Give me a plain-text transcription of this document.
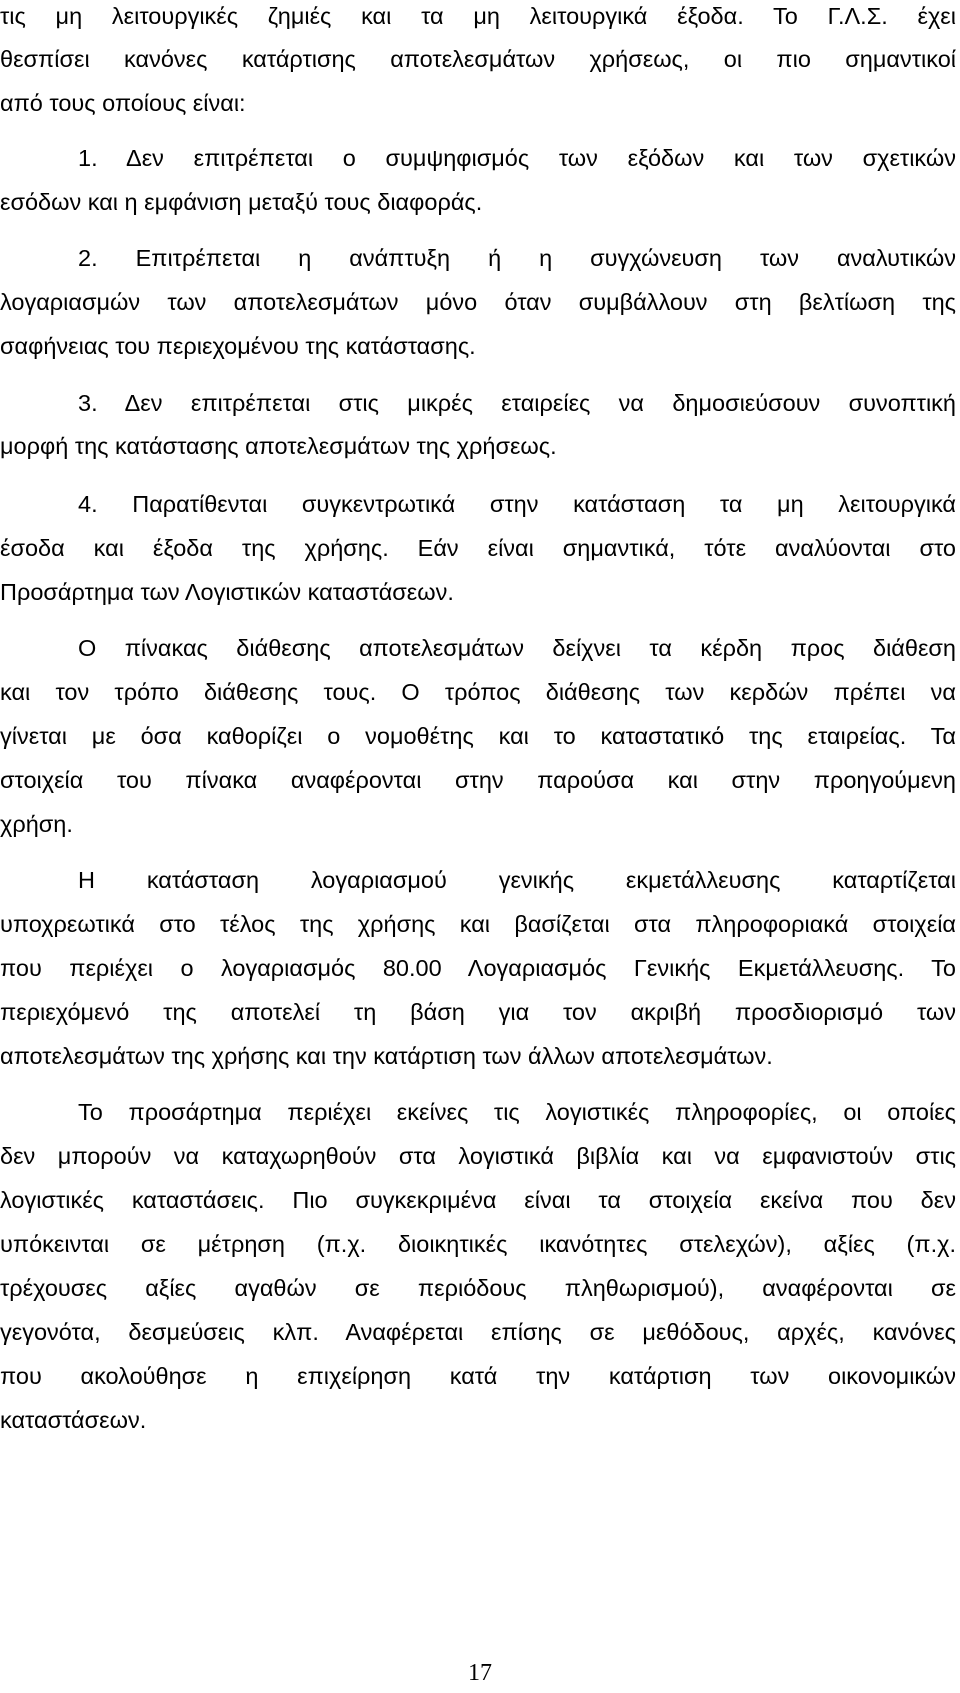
τις μη λειτουργικές ζημιές και τα μη λειτουργικά έξοδα. Το Γ.Λ.Σ. έχει
θεσπίσει κανόνες κατάρτισης αποτελεσμάτων χρήσεως, οι πιο σημαντικοί
από τους οποίους είναι:
1. Δεν επιτρέπεται ο συμψηφισμός των εξόδων και των σχετικών
εσόδων και η εμφάνιση μεταξύ τους διαφοράς.
2. Επιτρέπεται η ανάπτυξη ή η συγχώνευση των αναλυτικών
λογαριασμών των αποτελεσμάτων μόνο όταν συμβάλλουν στη βελτίωση της
σαφήνειας του περιεχομένου της κατάστασης.
3. Δεν επιτρέπεται στις μικρές εταιρείες να δημοσιεύσουν συνοπτική
μορφή της κατάστασης αποτελεσμάτων της χρήσεως.
4. Παρατίθενται συγκεντρωτικά στην κατάσταση τα μη λειτουργικά
έσοδα και έξοδα της χρήσης. Εάν είναι σημαντικά, τότε αναλύονται στο
Προσάρτημα των Λογιστικών καταστάσεων.
Ο πίνακας διάθεσης αποτελεσμάτων δείχνει τα κέρδη προς διάθεση
και τον τρόπο διάθεσης τους. Ο τρόπος διάθεσης των κερδών πρέπει να
γίνεται με όσα καθορίζει ο νομοθέτης και το καταστατικό της εταιρείας. Τα
στοιχεία του πίνακα αναφέρονται στην παρούσα και στην προηγούμενη
χρήση.
Η κατάσταση λογαριασμού γενικής εκμετάλλευσης καταρτίζεται
υποχρεωτικά στο τέλος της χρήσης και βασίζεται στα πληροφοριακά στοιχεία
που περιέχει ο λογαριασμός 80.00 Λογαριασμός Γενικής Εκμετάλλευσης. Το
περιεχόμενό της αποτελεί τη βάση για τον ακριβή προσδιορισμό των
αποτελεσμάτων της χρήσης και την κατάρτιση των άλλων αποτελεσμάτων.
Το προσάρτημα περιέχει εκείνες τις λογιστικές πληροφορίες, οι οποίες
δεν μπορούν να καταχωρηθούν στα λογιστικά βιβλία και να εμφανιστούν στις
λογιστικές καταστάσεις. Πιο συγκεκριμένα είναι τα στοιχεία εκείνα που δεν
υπόκεινται σε μέτρηση (π.χ. διοικητικές ικανότητες στελεχών), αξίες (π.χ.
τρέχουσες αξίες αγαθών σε περιόδους πληθωρισμού), αναφέρονται σε
γεγονότα, δεσμεύσεις κλπ. Αναφέρεται επίσης σε μεθόδους, αρχές, κανόνες
που ακολούθησε η επιχείρηση κατά την κατάρτιση των οικονομικών
καταστάσεων.
17
